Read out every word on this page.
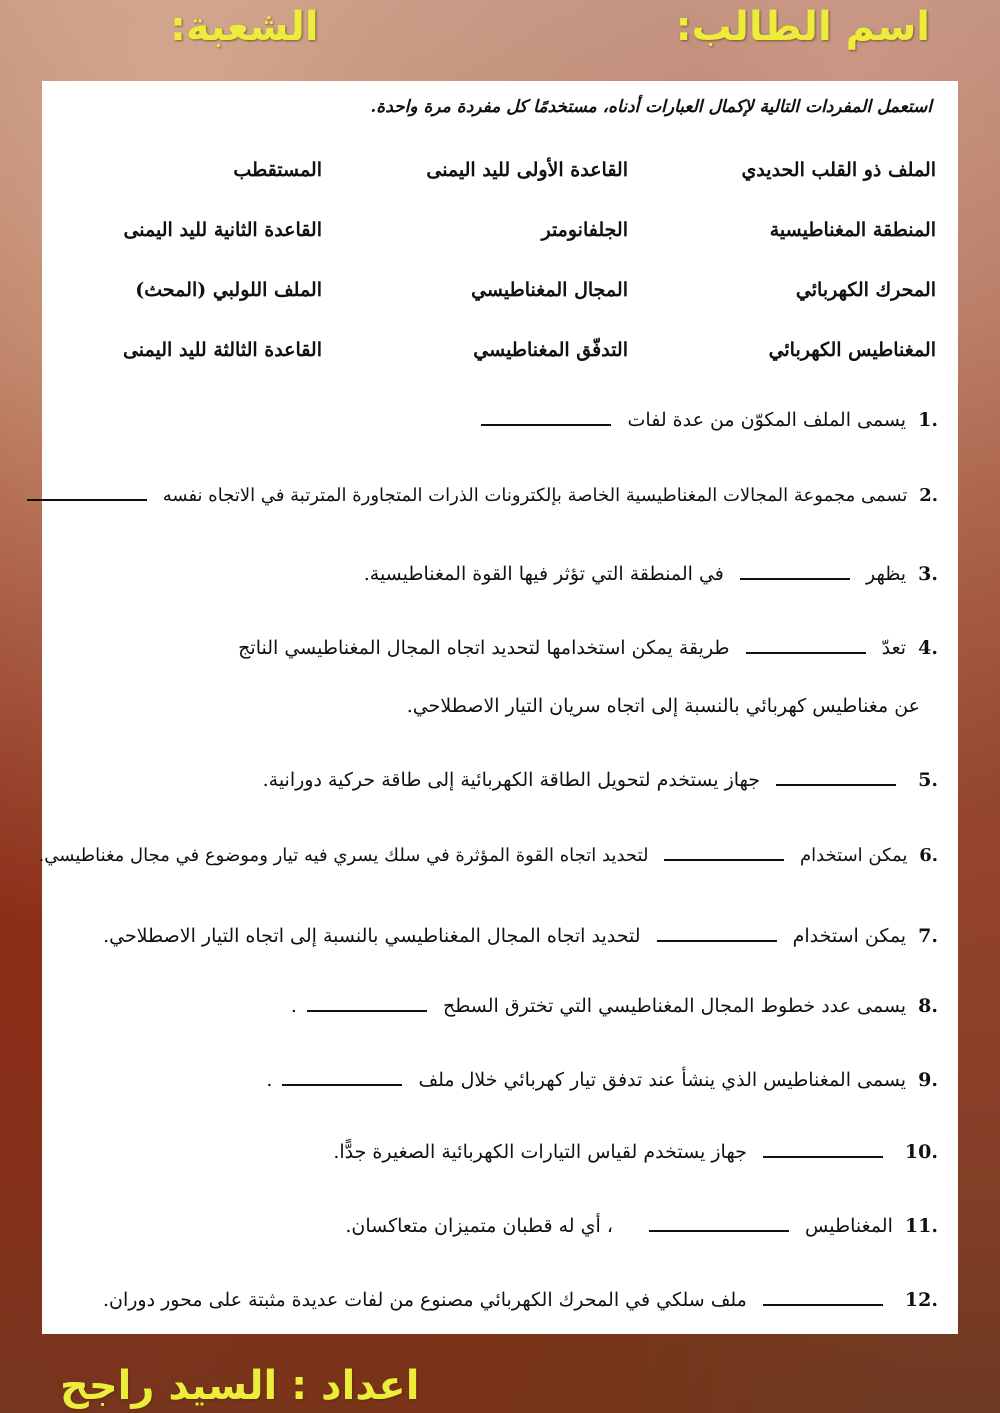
اسم الطالب:
الشعبة:
استعمل المفردات التالية لإكمال العبارات أدناه، مستخدمًا كل مفردة مرة واحدة.
الملف ذو القلب الحديدي
القاعدة الأولى لليد اليمنى
المستقطب
المنطقة المغناطيسية
الجلفانومتر
القاعدة الثانية لليد اليمنى
المحرك الكهربائي
المجال المغناطيسي
الملف اللولبي (المحث)
المغناطيس الكهربائي
التدفّق المغناطيسي
القاعدة الثالثة لليد اليمنى
.1 يسمى الملف المكوّن من عدة لفات
.2 تسمى مجموعة المجالات المغناطيسية الخاصة بإلكترونات الذرات المتجاورة المترتبة في الاتجاه نفسه
.3 يظهر  في المنطقة التي تؤثر فيها القوة المغناطيسية.
.4 تعدّ  طريقة يمكن استخدامها لتحديد اتجاه المجال المغناطيسي الناتج
عن مغناطيس كهربائي بالنسبة إلى اتجاه سريان التيار الاصطلاحي.
.5  جهاز يستخدم لتحويل الطاقة الكهربائية إلى طاقة حركية دورانية.
.6 يمكن استخدام  لتحديد اتجاه القوة المؤثرة في سلك يسري فيه تيار وموضوع في مجال مغناطيسي.
.7 يمكن استخدام  لتحديد اتجاه المجال المغناطيسي بالنسبة إلى اتجاه التيار الاصطلاحي.
.8 يسمى عدد خطوط المجال المغناطيسي التي تخترق السطح  .
.9 يسمى المغناطيس الذي ينشأ عند تدفق تيار كهربائي خلال ملف  .
.10  جهاز يستخدم لقياس التيارات الكهربائية الصغيرة جدًّا.
.11 المغناطيس  ، أي له قطبان متميزان متعاكسان.
.12  ملف سلكي في المحرك الكهربائي مصنوع من لفات عديدة مثبتة على محور دوران.
اعداد : السيد راجح
